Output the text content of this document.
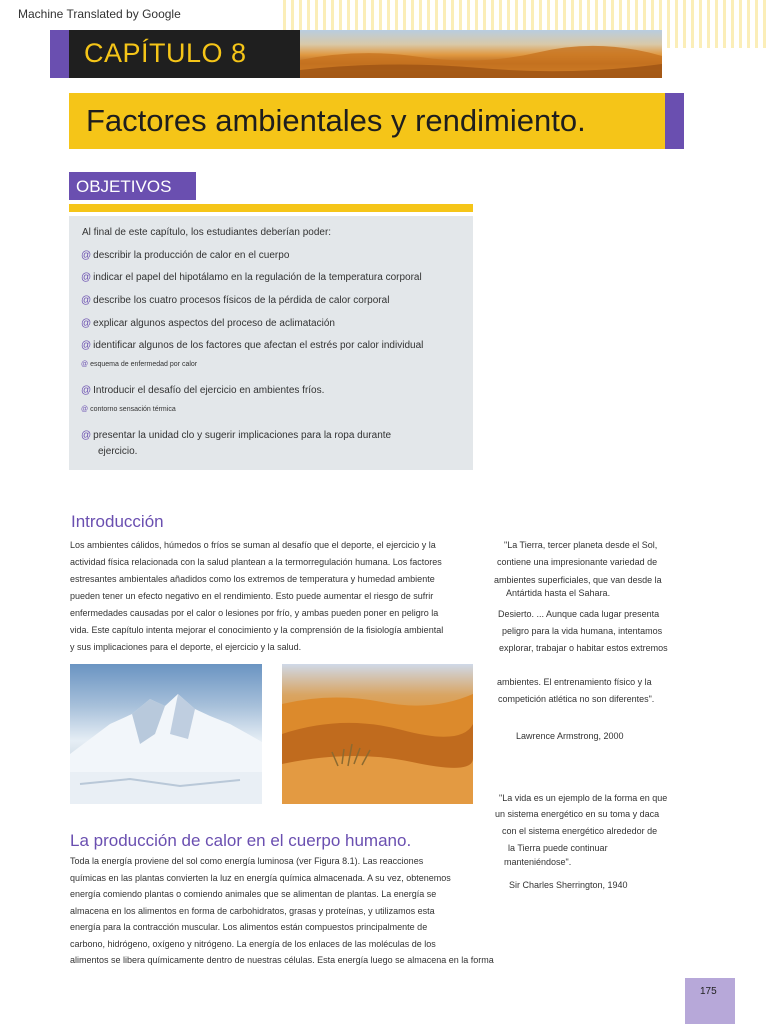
Machine Translated by Google
CAPÍTULO 8
Factores ambientales y rendimiento.
OBJETIVOS
Al final de este capítulo, los estudiantes deberían poder:
@ describir la producción de calor en el cuerpo
@ indicar el papel del hipotálamo en la regulación de la temperatura corporal
@ describe los cuatro procesos físicos de la pérdida de calor corporal
@ explicar algunos aspectos del proceso de aclimatación
@ identificar algunos de los factores que afectan el estrés por calor individual
@ esquema de enfermedad por calor
@ Introducir el desafío del ejercicio en ambientes fríos.
@ contorno sensación térmica
@ presentar la unidad clo y sugerir implicaciones para la ropa durante
ejercicio.
Introducción
Los ambientes cálidos, húmedos o fríos se suman al desafío que el deporte, el ejercicio y la
actividad física relacionada con la salud plantean a la termorregulación humana. Los factores
estresantes ambientales añadidos como los extremos de temperatura y humedad ambiente
pueden tener un efecto negativo en el rendimiento. Esto puede aumentar el riesgo de sufrir
enfermedades causadas por el calor o lesiones por frío, y ambas pueden poner en peligro la
vida. Este capítulo intenta mejorar el conocimiento y la comprensión de la fisiología ambiental
y sus implicaciones para el deporte, el ejercicio y la salud.
"La Tierra, tercer planeta desde el Sol,
contiene una impresionante variedad de
ambientes superficiales, que van desde la
Antártida hasta el Sahara.
Desierto. ... Aunque cada lugar presenta
peligro para la vida humana, intentamos
explorar, trabajar o habitar estos extremos
ambientes. El entrenamiento físico y la
competición atlética no son diferentes".
Lawrence Armstrong, 2000
"La vida es un ejemplo de la forma en que
un sistema energético en su toma y daca
con el sistema energético alrededor de
la Tierra puede continuar
manteniéndose".
Sir Charles Sherrington, 1940
La producción de calor en el cuerpo humano.
Toda la energía proviene del sol como energía luminosa (ver Figura 8.1). Las reacciones
químicas en las plantas convierten la luz en energía química almacenada. A su vez, obtenemos
energía comiendo plantas o comiendo animales que se alimentan de plantas. La energía se
almacena en los alimentos en forma de carbohidratos, grasas y proteínas, y utilizamos esta
energía para la contracción muscular. Los alimentos están compuestos principalmente de
carbono, hidrógeno, oxígeno y nitrógeno. La energía de los enlaces de las moléculas de los
alimentos se libera químicamente dentro de nuestras células. Esta energía luego se almacena en la forma
175
